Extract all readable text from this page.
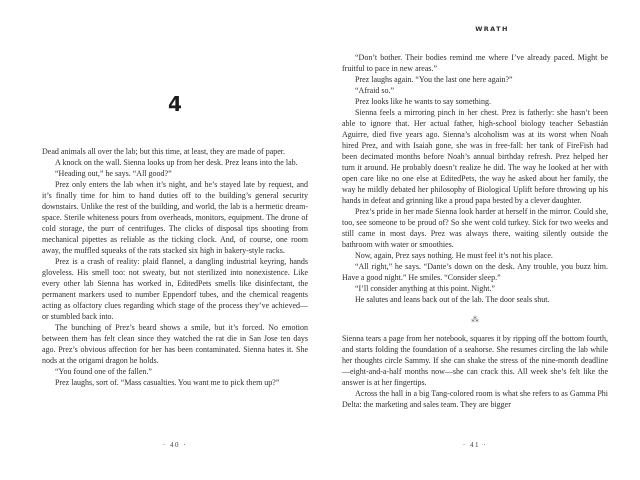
4

Dead animals all over the lab; but this time, at least, they are made of paper.

A knock on the wall. Sienna looks up from her desk. Prez leans into the lab.

“Heading out,” he says. “All good?”

Prez only enters the lab when it’s night, and he’s stayed late by request, and it’s finally time for him to hand duties off to the building’s general security downstairs. Unlike the rest of the building, and world, the lab is a hermetic dream-space. Sterile whiteness pours from overheads, monitors, equipment. The drone of cold storage, the purr of centrifuges. The clicks of disposal tips shooting from mechanical pipettes as reliable as the ticking clock. And, of course, one room away, the muffled squeaks of the rats stacked six high in bakery-style racks.

Prez is a crash of reality: plaid flannel, a dangling industrial keyring, hands gloveless. His smell too: not sweaty, but not sterilized into nonexistence. Like every other lab Sienna has worked in, EditedPets smells like disinfectant, the permanent markers used to number Eppendorf tubes, and the chemical reagents acting as olfactory clues regarding which stage of the process they’ve achieved—or stumbled back into.

The bunching of Prez’s beard shows a smile, but it’s forced. No emotion between them has felt clean since they watched the rat die in San Jose ten days ago. Prez’s obvious affection for her has been contaminated. Sienna hates it. She nods at the origami dragon he holds.

“You found one of the fallen.”

Prez laughs, sort of. “Mass casualties. You want me to pick them up?”

· 40 ·
WRATH

“Don’t bother. Their bodies remind me where I’ve already paced. Might be fruitful to pace in new areas.”

Prez laughs again. “You the last one here again?”

“Afraid so.”

Prez looks like he wants to say something.

Sienna feels a mirroring pinch in her chest. Prez is fatherly: she hasn’t been able to ignore that. Her actual father, high-school biology teacher Sebastián Aguirre, died five years ago. Sienna’s alcoholism was at its worst when Noah hired Prez, and with Isaiah gone, she was in free-fall: her tank of FireFish had been decimated months before Noah’s annual birthday refresh. Prez helped her turn it around. He probably doesn’t realize he did. The way he looked at her with open care like no one else at EditedPets, the way he asked about her family, the way he mildly debated her philosophy of Biological Uplift before throwing up his hands in defeat and grinning like a proud papa bested by a clever daughter.

Prez’s pride in her made Sienna look harder at herself in the mirror. Could she, too, see someone to be proud of? So she went cold turkey. Sick for two weeks and still came in most days. Prez was always there, waiting silently outside the bathroom with water or smoothies.

Now, again, Prez says nothing. He must feel it’s not his place.

“All right,” he says. “Dante’s down on the desk. Any trouble, you buzz him. Have a good night.” He smiles. “Consider sleep.”

“I’ll consider anything at this point. Night.”

He salutes and leans back out of the lab. The door seals shut.

⁂

Sienna tears a page from her notebook, squares it by ripping off the bottom fourth, and starts folding the foundation of a seahorse. She resumes circling the lab while her thoughts circle Sammy. If she can shake the stress of the nine-month deadline—eight-and-a-half months now—she can crack this. All week she’s felt like the answer is at her fingertips.

Across the hall in a big Tang-colored room is what she refers to as Gamma Phi Delta: the marketing and sales team. They are bigger

· 41 ·
